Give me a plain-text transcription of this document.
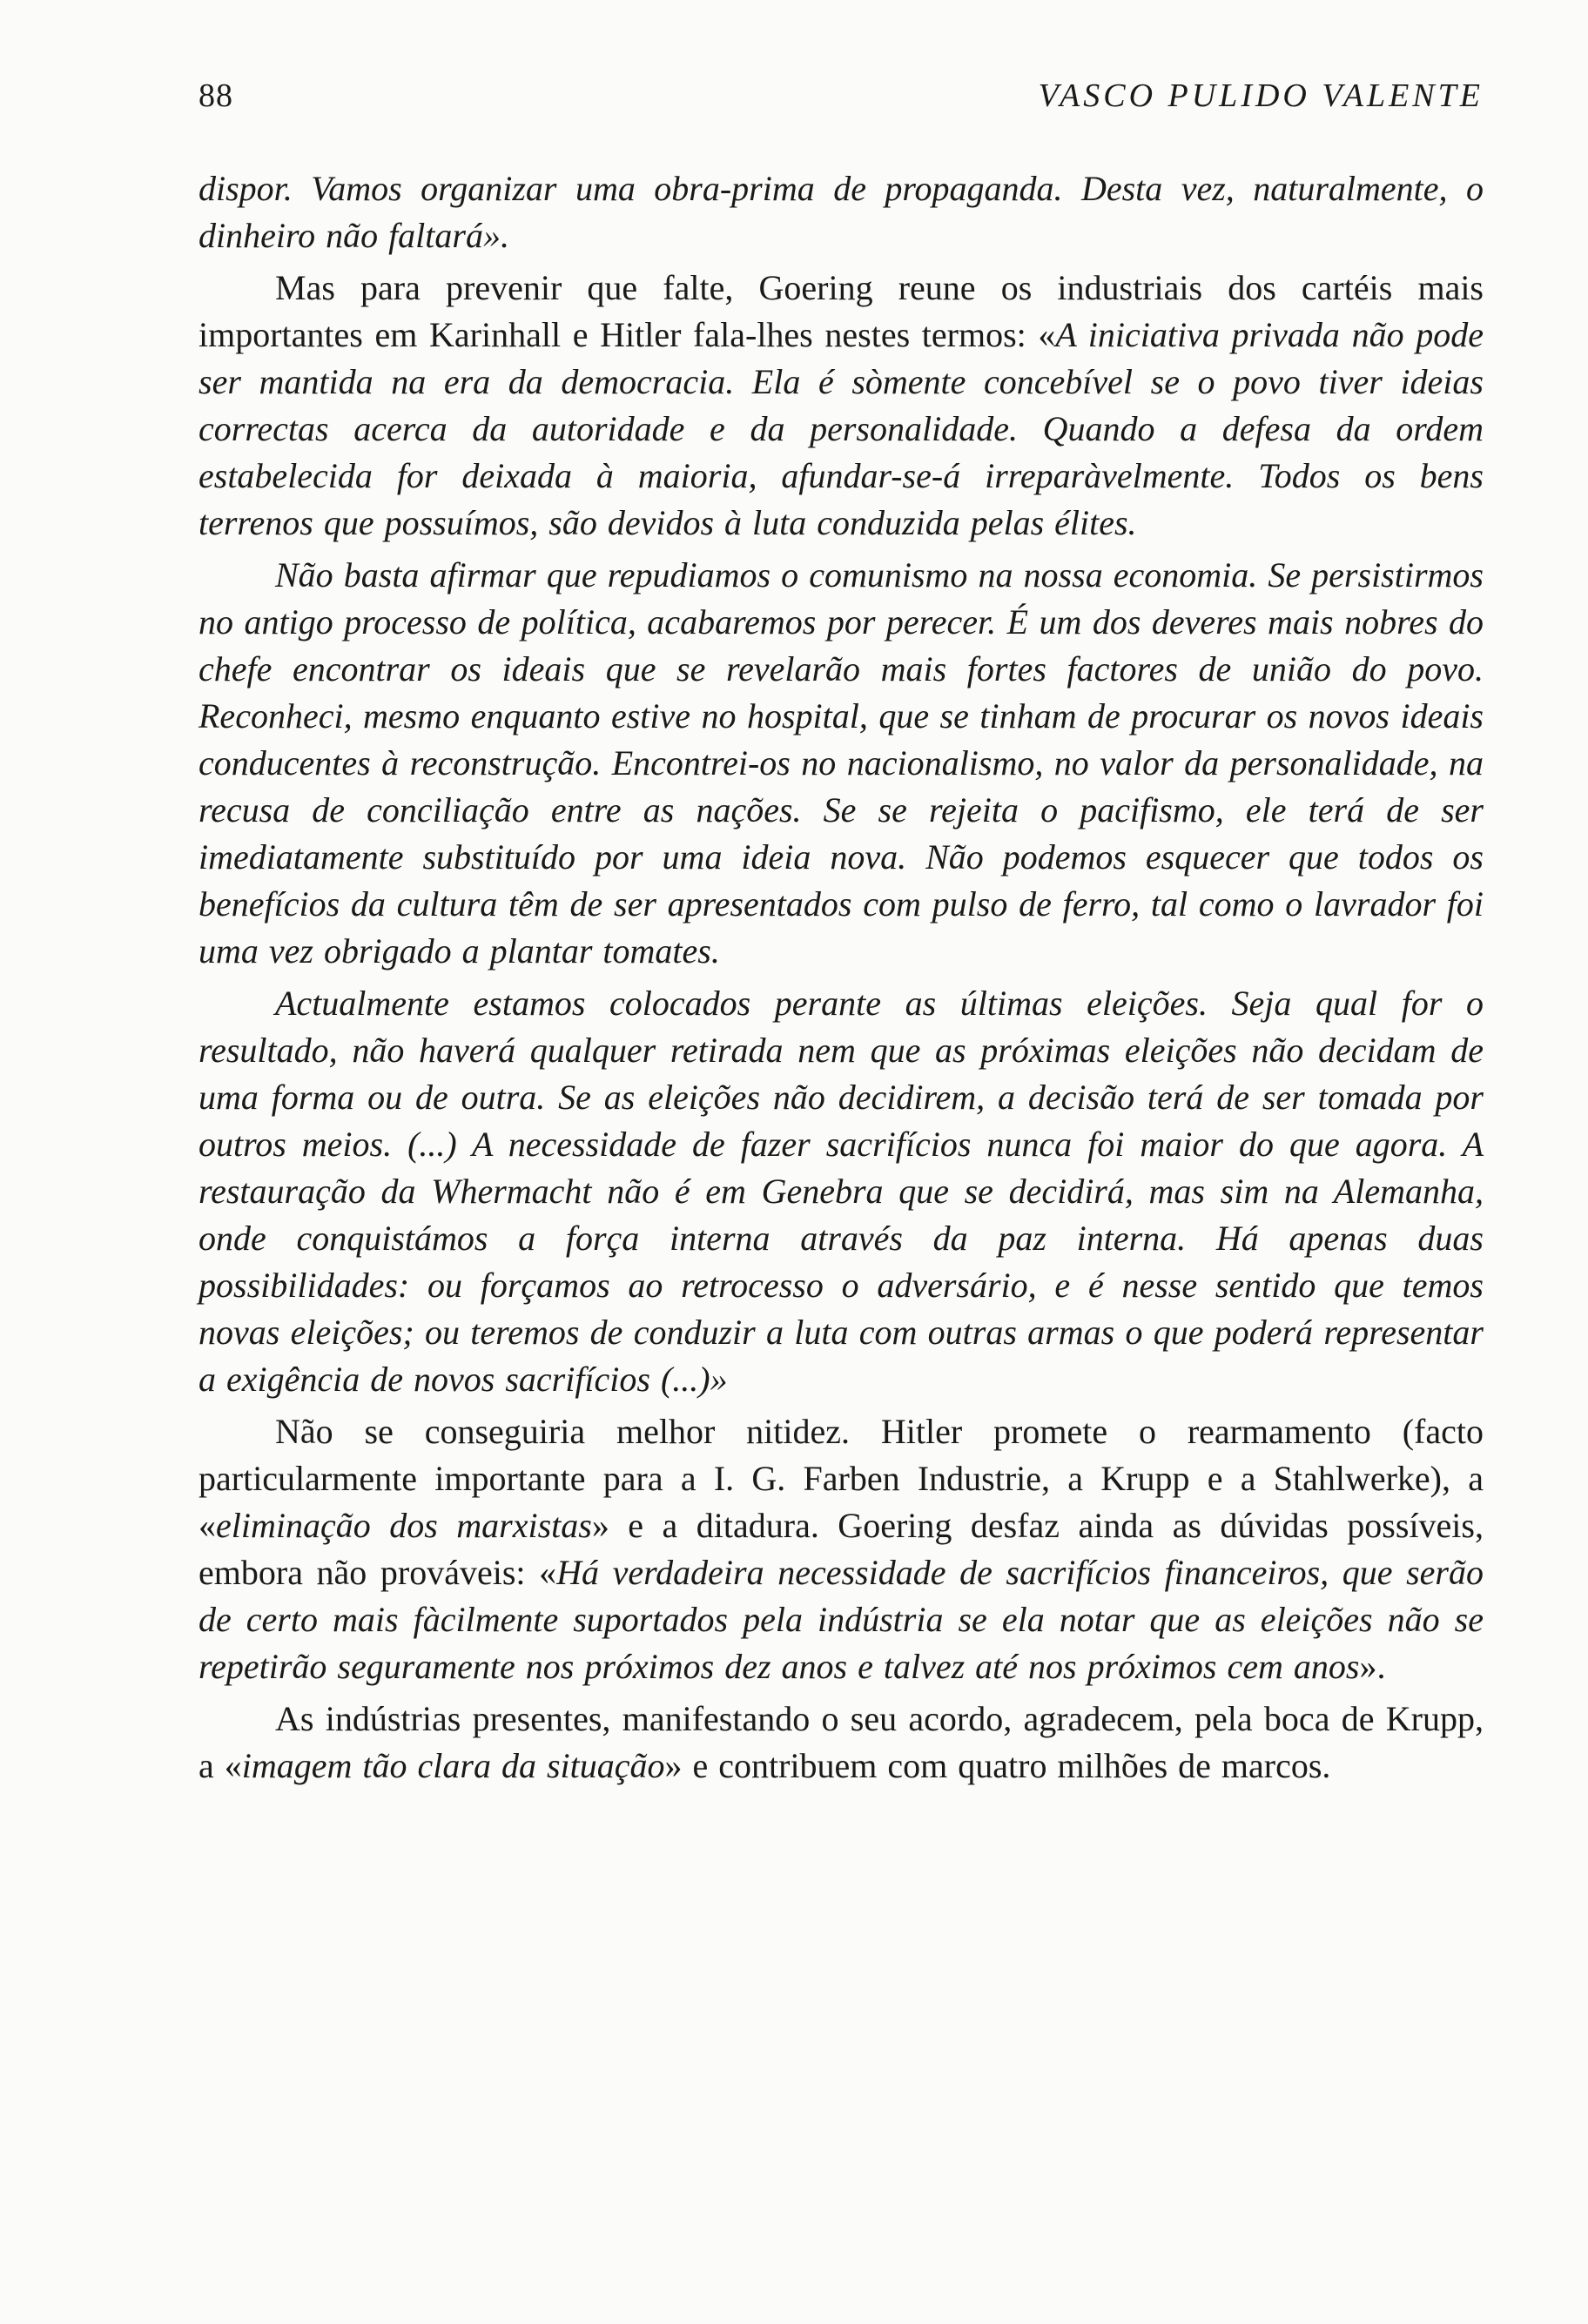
88	VASCO PULIDO VALENTE

dispor. Vamos organizar uma obra-prima de propaganda. Desta vez, naturalmente, o dinheiro não faltará».

Mas para prevenir que falte, Goering reune os industriais dos cartéis mais importantes em Karinhall e Hitler fala-lhes nestes termos: «A iniciativa privada não pode ser mantida na era da democracia. Ela é sòmente concebível se o povo tiver ideias correctas acerca da autoridade e da personalidade. Quando a defesa da ordem estabelecida for deixada à maioria, afundar-se-á irreparàvelmente. Todos os bens terrenos que possuímos, são devidos à luta conduzida pelas élites.

Não basta afirmar que repudiamos o comunismo na nossa economia. Se persistirmos no antigo processo de política, acabaremos por perecer. É um dos deveres mais nobres do chefe encontrar os ideais que se revelarão mais fortes factores de união do povo. Reconheci, mesmo enquanto estive no hospital, que se tinham de procurar os novos ideais conducentes à reconstrução. Encontrei-os no nacionalismo, no valor da personalidade, na recusa de conciliação entre as nações. Se se rejeita o pacifismo, ele terá de ser imediatamente substituído por uma ideia nova. Não podemos esquecer que todos os benefícios da cultura têm de ser apresentados com pulso de ferro, tal como o lavrador foi uma vez obrigado a plantar tomates.

Actualmente estamos colocados perante as últimas eleições. Seja qual for o resultado, não haverá qualquer retirada nem que as próximas eleições não decidam de uma forma ou de outra. Se as eleições não decidirem, a decisão terá de ser tomada por outros meios. (...) A necessidade de fazer sacrifícios nunca foi maior do que agora. A restauração da Whermacht não é em Genebra que se decidirá, mas sim na Alemanha, onde conquistámos a força interna através da paz interna. Há apenas duas possibilidades: ou forçamos ao retrocesso o adversário, e é nesse sentido que temos novas eleições; ou teremos de conduzir a luta com outras armas o que poderá representar a exigência de novos sacrifícios (...)»

Não se conseguiria melhor nitidez. Hitler promete o rearmamento (facto particularmente importante para a I. G. Farben Industrie, a Krupp e a Stahlwerke), a «eliminação dos marxistas» e a ditadura. Goering desfaz ainda as dúvidas possíveis, embora não prováveis: «Há verdadeira necessidade de sacrifícios financeiros, que serão de certo mais fàcilmente suportados pela indústria se ela notar que as eleições não se repetirão seguramente nos próximos dez anos e talvez até nos próximos cem anos».

As indústrias presentes, manifestando o seu acordo, agradecem, pela boca de Krupp, a «imagem tão clara da situação» e contribuem com quatro milhões de marcos.
